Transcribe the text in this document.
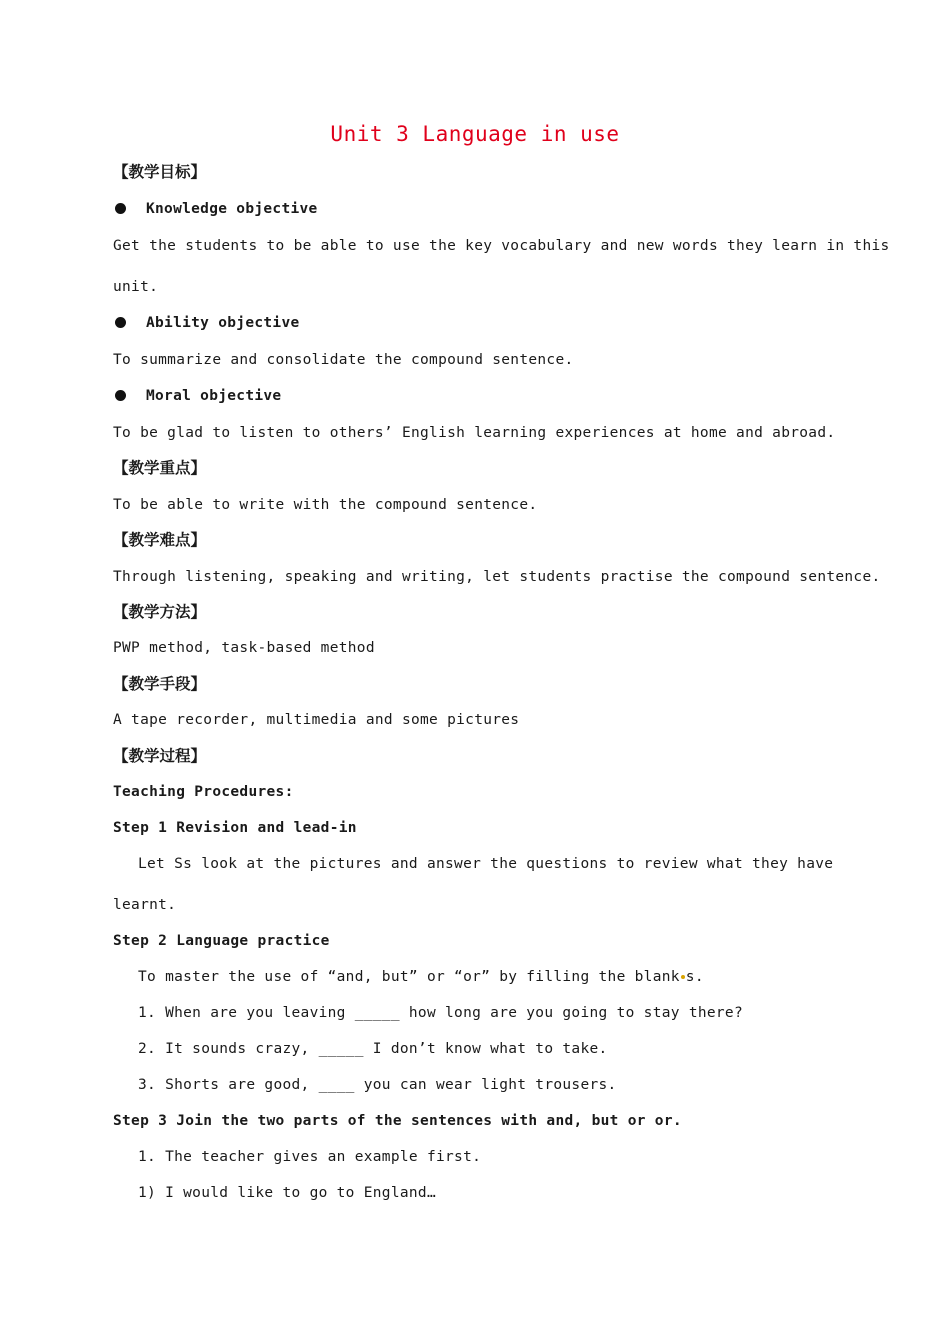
Unit 3 Language in use
【教学目标】
Knowledge objective
Get the students to be able to use the key vocabulary and new words they learn in this
unit.
Ability objective
To summarize and consolidate the compound sentence.
Moral objective
To be glad to listen to others’ English learning experiences at home and abroad.
【教学重点】
To be able to write with the compound sentence.
【教学难点】
Through listening, speaking and writing, let students practise the compound sentence.
【教学方法】
PWP method, task-based method
【教学手段】
A tape recorder, multimedia and some pictures
【教学过程】
Teaching Procedures:
Step 1 Revision and lead-in
Let Ss look at the pictures and answer the questions to review what they have
learnt.
Step 2 Language practice
To master the use of “and, but” or “or” by filling the blank s.
1. When are you leaving _____ how long are you going to stay there?
2. It sounds crazy, _____ I don’t know what to take.
3. Shorts are good, ____ you can wear light trousers.
Step 3 Join the two parts of the sentences with and, but or or.
1. The teacher gives an example first.
1) I would like to go to England…
